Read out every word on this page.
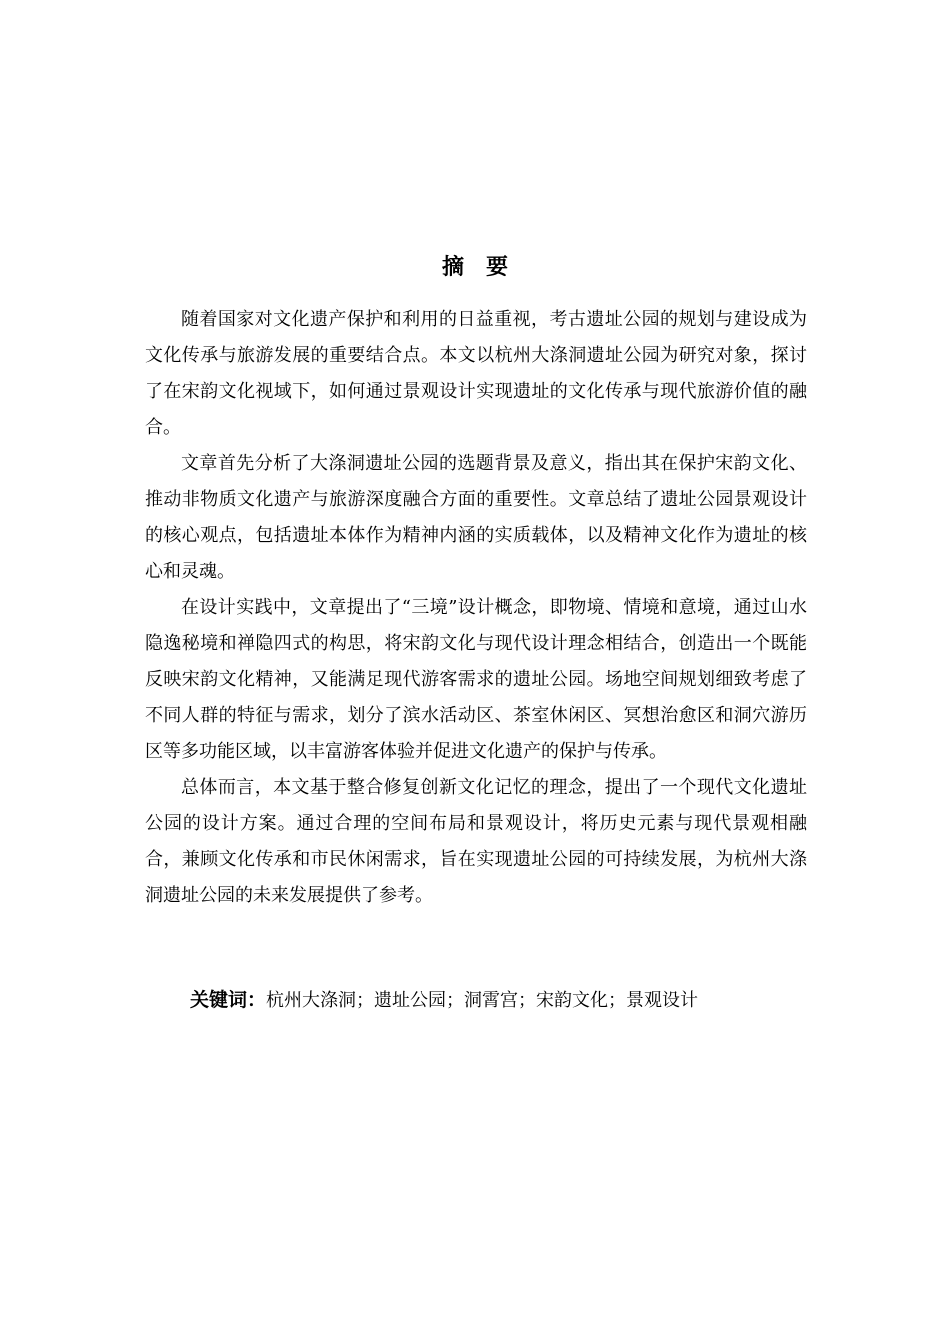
摘要

随着国家对文化遗产保护和利用的日益重视，考古遗址公园的规划与建设成为文化传承与旅游发展的重要结合点。本文以杭州大涤洞遗址公园为研究对象，探讨了在宋韵文化视域下，如何通过景观设计实现遗址的文化传承与现代旅游价值的融合。

文章首先分析了大涤洞遗址公园的选题背景及意义，指出其在保护宋韵文化、推动非物质文化遗产与旅游深度融合方面的重要性。文章总结了遗址公园景观设计的核心观点，包括遗址本体作为精神内涵的实质载体，以及精神文化作为遗址的核心和灵魂。

在设计实践中，文章提出了“三境”设计概念，即物境、情境和意境，通过山水隐逸秘境和禅隐四式的构思，将宋韵文化与现代设计理念相结合，创造出一个既能反映宋韵文化精神，又能满足现代游客需求的遗址公园。场地空间规划细致考虑了不同人群的特征与需求，划分了滨水活动区、茶室休闲区、冥想治愈区和洞穴游历区等多功能区域，以丰富游客体验并促进文化遗产的保护与传承。

总体而言，本文基于整合修复创新文化记忆的理念，提出了一个现代文化遗址公园的设计方案。通过合理的空间布局和景观设计，将历史元素与现代景观相融合，兼顾文化传承和市民休闲需求，旨在实现遗址公园的可持续发展，为杭州大涤洞遗址公园的未来发展提供了参考。

关键词：杭州大涤洞；遗址公园；洞霄宫；宋韵文化；景观设计
